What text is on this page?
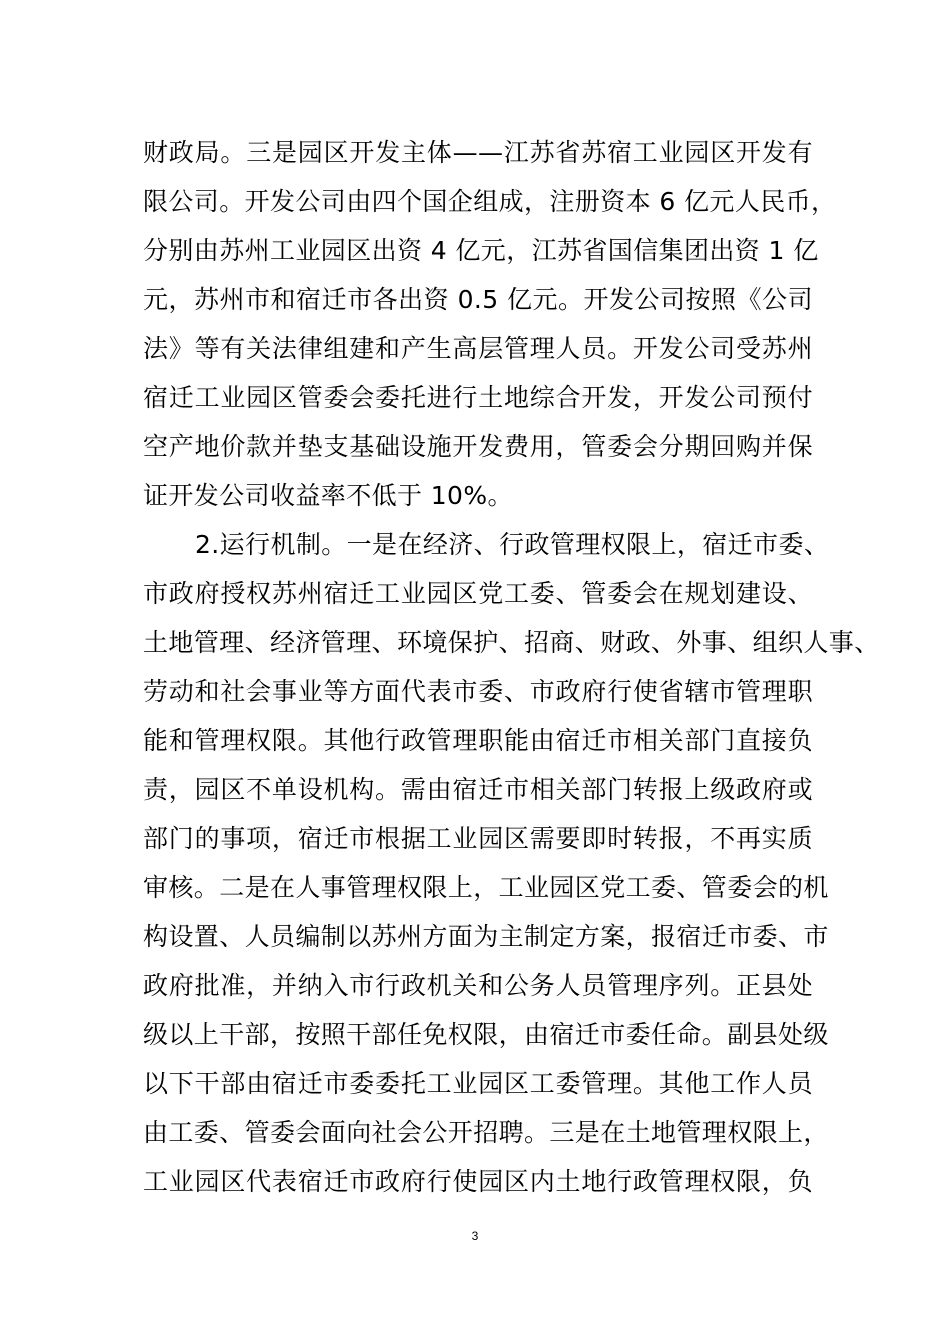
财政局。三是园区开发主体——江苏省苏宿工业园区开发有
限公司。开发公司由四个国企组成，注册资本 6 亿元人民币，
分别由苏州工业园区出资 4 亿元，江苏省国信集团出资 1 亿
元，苏州市和宿迁市各出资 0.5 亿元。开发公司按照《公司
法》等有关法律组建和产生高层管理人员。开发公司受苏州
宿迁工业园区管委会委托进行土地综合开发，开发公司预付
空产地价款并垫支基础设施开发费用，管委会分期回购并保
证开发公司收益率不低于 10%。
2.运行机制。一是在经济、行政管理权限上，宿迁市委、
市政府授权苏州宿迁工业园区党工委、管委会在规划建设、
土地管理、经济管理、环境保护、招商、财政、外事、组织人事、
劳动和社会事业等方面代表市委、市政府行使省辖市管理职
能和管理权限。其他行政管理职能由宿迁市相关部门直接负
责，园区不单设机构。需由宿迁市相关部门转报上级政府或
部门的事项，宿迁市根据工业园区需要即时转报，不再实质
审核。二是在人事管理权限上，工业园区党工委、管委会的机
构设置、人员编制以苏州方面为主制定方案，报宿迁市委、市
政府批准，并纳入市行政机关和公务人员管理序列。正县处
级以上干部，按照干部任免权限，由宿迁市委任命。副县处级
以下干部由宿迁市委委托工业园区工委管理。其他工作人员
由工委、管委会面向社会公开招聘。三是在土地管理权限上，
工业园区代表宿迁市政府行使园区内土地行政管理权限，负
3
